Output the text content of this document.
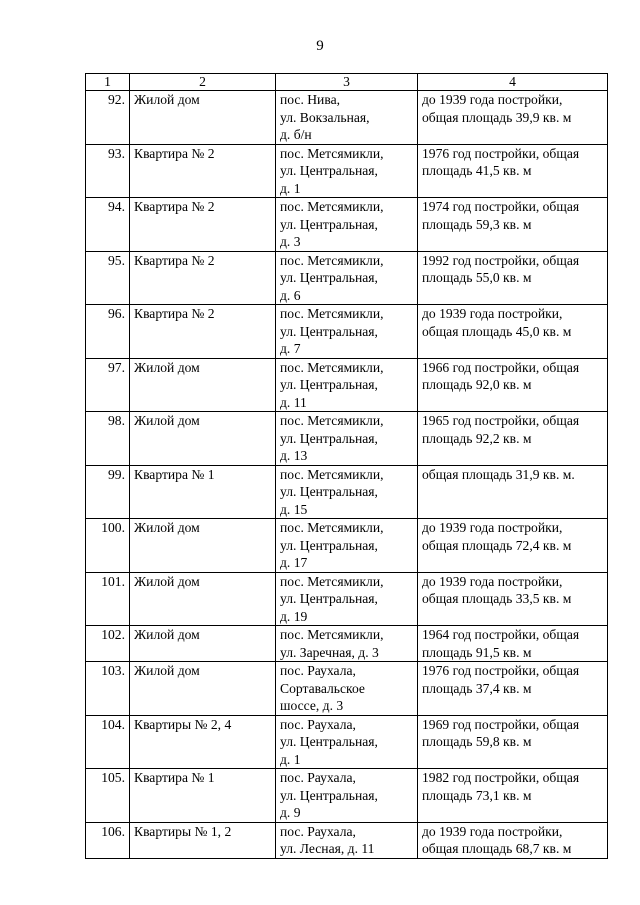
9
1	2	3	4
92.	Жилой дом	пос. Нива,
ул. Вокзальная,
д. б/н	до 1939 года постройки,
общая площадь 39,9 кв. м

93.	Квартира № 2	пос. Метсямикли,
ул. Центральная,
д. 1	1976 год постройки, общая
площадь 41,5 кв. м

94.	Квартира № 2	пос. Метсямикли,
ул. Центральная,
д. 3	1974 год постройки, общая
площадь 59,3 кв. м

95.	Квартира № 2	пос. Метсямикли,
ул. Центральная,
д. 6	1992 год постройки, общая
площадь 55,0 кв. м

96.	Квартира № 2	пос. Метсямикли,
ул. Центральная,
д. 7	до 1939 года постройки,
общая площадь 45,0 кв. м

97.	Жилой дом	пос. Метсямикли,
ул. Центральная,
д. 11	1966 год постройки, общая
площадь 92,0 кв. м

98.	Жилой дом	пос. Метсямикли,
ул. Центральная,
д. 13	1965 год постройки, общая
площадь 92,2 кв. м

99.	Квартира № 1	пос. Метсямикли,
ул. Центральная,
д. 15	общая площадь 31,9 кв. м.

100.	Жилой дом	пос. Метсямикли,
ул. Центральная,
д. 17	до 1939 года постройки,
общая площадь 72,4 кв. м

101.	Жилой дом	пос. Метсямикли,
ул. Центральная,
д. 19	до 1939 года постройки,
общая площадь 33,5 кв. м

102.	Жилой дом	пос. Метсямикли,
ул. Заречная, д. 3	1964 год постройки, общая
площадь 91,5 кв. м

103.	Жилой дом	пос. Раухала,
Сортавальское
шоссе, д. 3	1976 год постройки, общая
площадь 37,4 кв. м

104.	Квартиры № 2, 4	пос. Раухала,
ул. Центральная,
д. 1	1969 год постройки, общая
площадь 59,8 кв. м

105.	Квартира № 1	пос. Раухала,
ул. Центральная,
д. 9	1982 год постройки, общая
площадь 73,1 кв. м

106.	Квартиры № 1, 2	пос. Раухала,
ул. Лесная, д. 11	до 1939 года постройки,
общая площадь 68,7 кв. м
